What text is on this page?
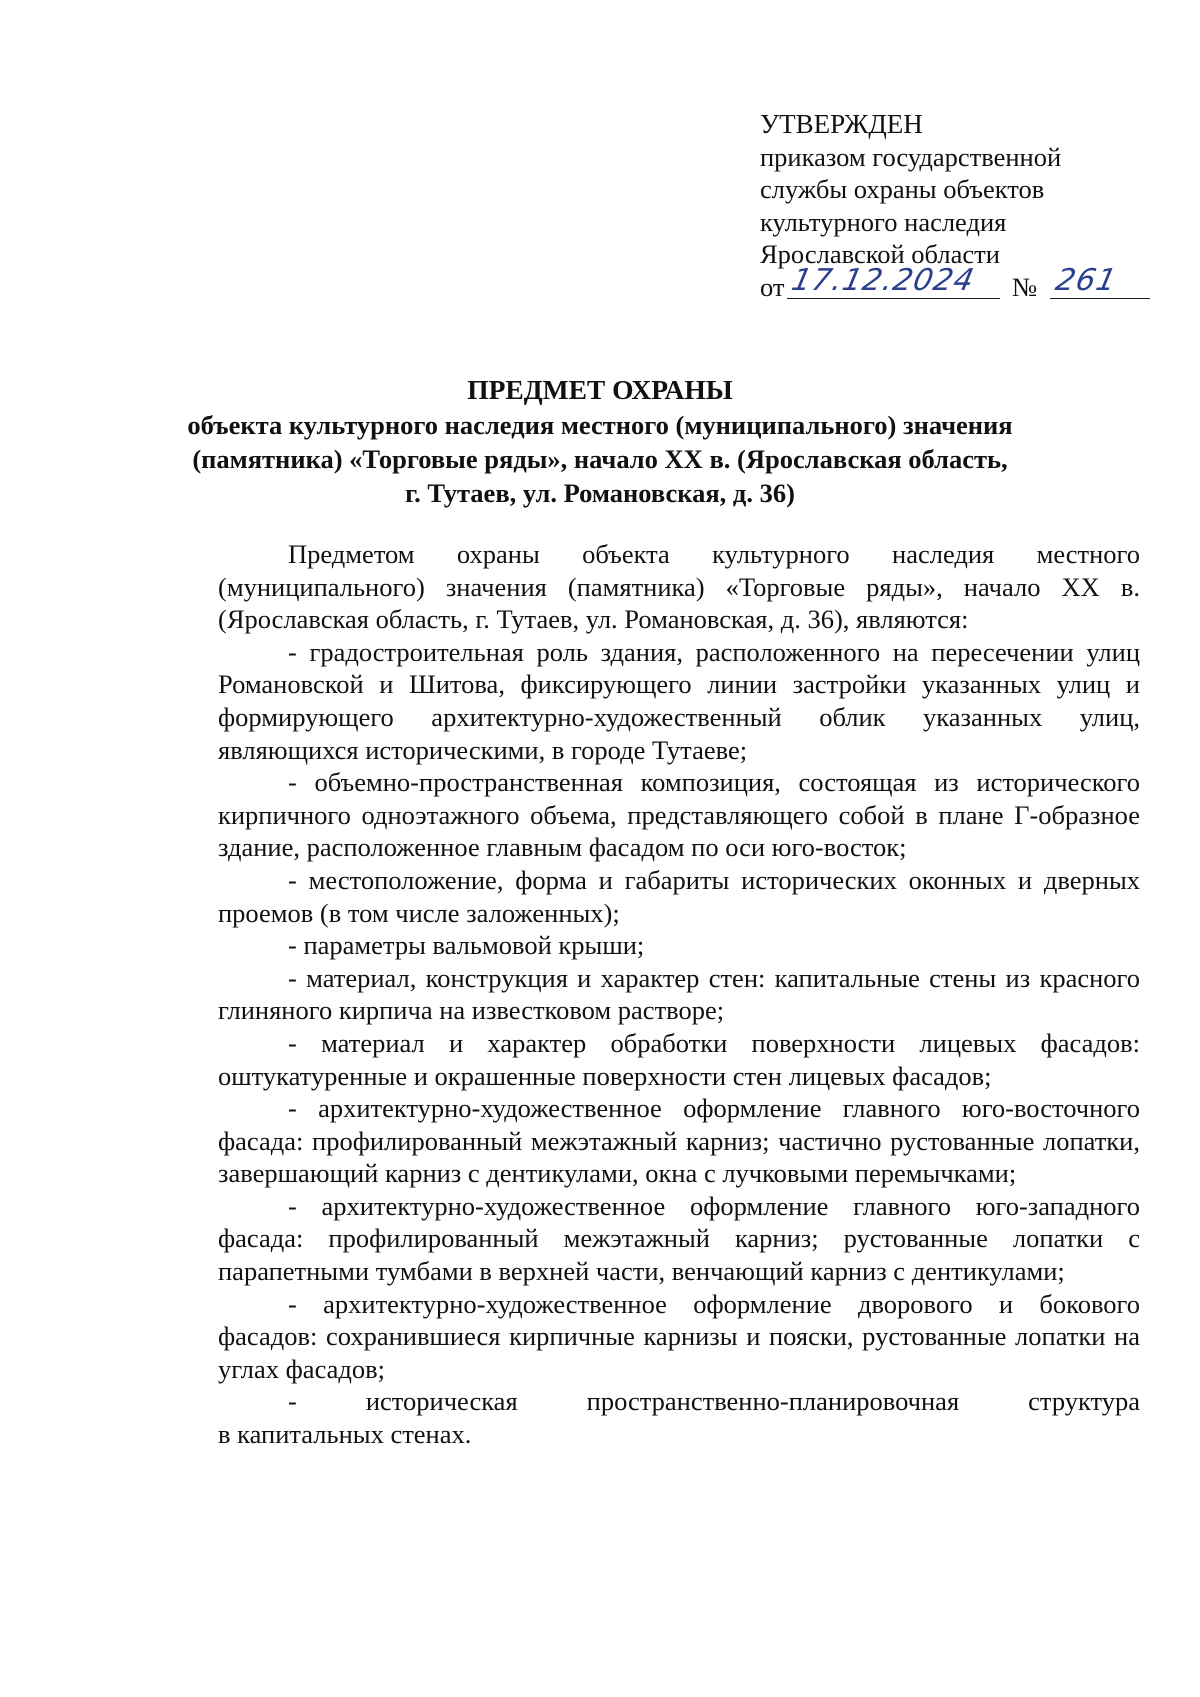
УТВЕРЖДЕН
приказом государственной
службы охраны объектов
культурного наследия
Ярославской области
от 17.12.2024 № 261
ПРЕДМЕТ ОХРАНЫ
объекта культурного наследия местного (муниципального) значения
(памятника) «Торговые ряды», начало XX в. (Ярославская область,
г. Тутаев, ул. Романовская, д. 36)

Предметом охраны объекта культурного наследия местного (муниципального) значения (памятника) «Торговые ряды», начало XX в. (Ярославская область, г. Тутаев, ул. Романовская, д. 36), являются:

- градостроительная роль здания, расположенного на пересечении улиц Романовской и Шитова, фиксирующего линии застройки указанных улиц и формирующего архитектурно-художественный облик указанных улиц, являющихся историческими, в городе Тутаеве;

- объемно-пространственная композиция, состоящая из исторического кирпичного одноэтажного объема, представляющего собой в плане Г-образное здание, расположенное главным фасадом по оси юго-восток;

- местоположение, форма и габариты исторических оконных и дверных проемов (в том числе заложенных);

- параметры вальмовой крыши;

- материал, конструкция и характер стен: капитальные стены из красного глиняного кирпича на известковом растворе;

- материал и характер обработки поверхности лицевых фасадов: оштукатуренные и окрашенные поверхности стен лицевых фасадов;

- архитектурно-художественное оформление главного юго-восточного фасада: профилированный межэтажный карниз; частично рустованные лопатки, завершающий карниз с дентикулами, окна с лучковыми перемычками;

- архитектурно-художественное оформление главного юго-западного фасада: профилированный межэтажный карниз; рустованные лопатки с парапетными тумбами в верхней части, венчающий карниз с дентикулами;

- архитектурно-художественное оформление дворового и бокового фасадов: сохранившиеся кирпичные карнизы и пояски, рустованные лопатки на углах фасадов;

- историческая пространственно-планировочная структура

в капитальных стенах.
